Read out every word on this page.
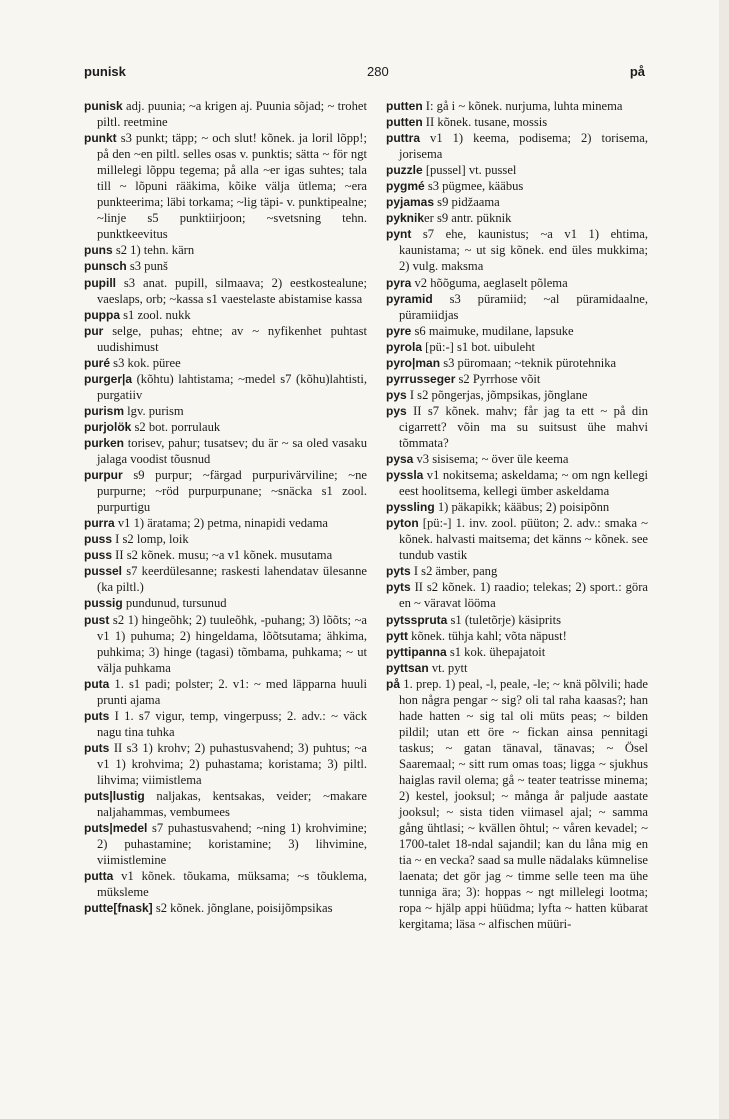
punisk	280	på

punisk adj. puunia; ~a krigen aj. Puunia sõjad; ~ trohet piltl. reetmine

punkt s3 punkt; täpp; ~ och slut! kõnek. ja loril lõpp!; på den ~en piltl. selles osas v. punktis; sätta ~ för ngt millelegi lõppu tegema; på alla ~er igas suhtes; tala till ~ lõpuni rääkima, kõike välja ütlema; ~era punkteerima; läbi torkama; ~lig täpi- v. punktipealne; ~linje s5 punktiirjoon; ~svetsning tehn. punktkeevitus

puns s2 1) tehn. kärn

punsch s3 punš

pupill s3 anat. pupill, silmaava; 2) eestkostealune; vaeslaps, orb; ~kassa s1 vaestelaste abistamise kassa

puppa s1 zool. nukk

pur selge, puhas; ehtne; av ~ nyfikenhet puhtast uudishimust

puré s3 kok. püree

purger|a (kõhtu) lahtistama; ~medel s7 (kõhu)lahtisti, purgatiiv

purism lgv. purism

purjolök s2 bot. porrulauk

purken torisev, pahur; tusatsev; du är ~ sa oled vasaku jalaga voodist tõusnud

purpur s9 purpur; ~färgad purpurivärviline; ~ne purpurne; ~röd purpurpunane; ~snäcka s1 zool. purpurtigu

purra v1 1) äratama; 2) petma, ninapidi vedama

puss I s2 lomp, loik

puss II s2 kõnek. musu; ~a v1 kõnek. musutama

pussel s7 keerdülesanne; raskesti lahendatav ülesanne (ka piltl.)

pussig pundunud, tursunud

pust s2 1) hingeõhk; 2) tuuleõhk, -puhang; 3) lõõts; ~a v1 1) puhuma; 2) hingeldama, lõõtsutama; ähkima, puhkima; 3) hinge (tagasi) tõmbama, puhkama; ~ ut välja puhkama

puta 1. s1 padi; polster; 2. v1: ~ med läpparna huuli prunti ajama

puts I 1. s7 vigur, temp, vingerpuss; 2. adv.: ~ väck nagu tina tuhka

puts II s3 1) krohv; 2) puhastusvahend; 3) puhtus; ~a v1 1) krohvima; 2) puhastama; koristama; 3) piltl. lihvima; viimistlema

puts|lustig naljakas, kentsakas, veider; ~makare naljahammas, vembumees

puts|medel s7 puhastusvahend; ~ning 1) krohvimine; 2) puhastamine; koristamine; 3) lihvimine, viimistlemine

putta v1 kõnek. tõukama, müksama; ~s tõuklema, müksleme

putte[fnask] s2 kõnek. jõnglane, poisijõmpsikas

putten I: gå i ~ kõnek. nurjuma, luhta minema

putten II kõnek. tusane, mossis

puttra v1 1) keema, podisema; 2) torisema, jorisema

puzzle [pussel] vt. pussel

pygmé s3 pügmee, kääbus

pyjamas s9 pidžaama

pykniker s9 antr. püknik

pynt s7 ehe, kaunistus; ~a v1 1) ehtima, kaunistama; ~ ut sig kõnek. end üles mukkima; 2) vulg. maksma

pyra v2 hõõguma, aeglaselt põlema

pyramid s3 püramiid; ~al püramidaalne, püramiidjas

pyre s6 maimuke, mudilane, lapsuke

pyrola [pü:-] s1 bot. uibuleht

pyro|man s3 püromaan; ~teknik pürotehnika

pyrrusseger s2 Pyrrhose võit

pys I s2 põngerjas, jõmpsikas, jõnglane

pys II s7 kõnek. mahv; får jag ta ett ~ på din cigarrett? võin ma su suitsust ühe mahvi tõmmata?

pysa v3 sisisema; ~ över üle keema

pyssla v1 nokitsema; askeldama; ~ om ngn kellegi eest hoolitsema, kellegi ümber askeldama

pyssling 1) päkapikk; kääbus; 2) poisipõnn

pyton [pü:-] 1. inv. zool. püüton; 2. adv.: smaka ~ kõnek. halvasti maitsema; det känns ~ kõnek. see tundub vastik

pyts I s2 ämber, pang

pyts II s2 kõnek. 1) raadio; telekas; 2) sport.: göra en ~ väravat lööma

pytsspruta s1 (tuletõrje) käsiprits

pytt kõnek. tühja kahl; võta näpust!

pyttipanna s1 kok. ühepajatoit

pyttsan vt. pytt

på 1. prep. 1) peal, -l, peale, -le; ~ knä põlvili; hade hon några pengar ~ sig? oli tal raha kaasas?; han hade hatten ~ sig tal oli müts peas; ~ bilden pildil; utan ett öre ~ fickan ainsa pennitagi taskus; ~ gatan tänaval, tänavas; ~ Ösel Saaremaal; ~ sitt rum omas toas; ligga ~ sjukhus haiglas ravil olema; gå ~ teater teatrisse minema; 2) kestel, jooksul; ~ många år paljude aastate jooksul; ~ sista tiden viimasel ajal; ~ samma gång ühtlasi; ~ kvällen õhtul; ~ våren kevadel; ~ 1700-talet 18-ndal sajandil; kan du låna mig en tia ~ en vecka? saad sa mulle nädalaks kümnelise laenata; det gör jag ~ timme selle teen ma ühe tunniga ära; 3): hoppas ~ ngt millelegi lootma; ropa ~ hjälp appi hüüdma; lyfta ~ hatten kübarat kergitama; läsa ~ alfischen müüri-
